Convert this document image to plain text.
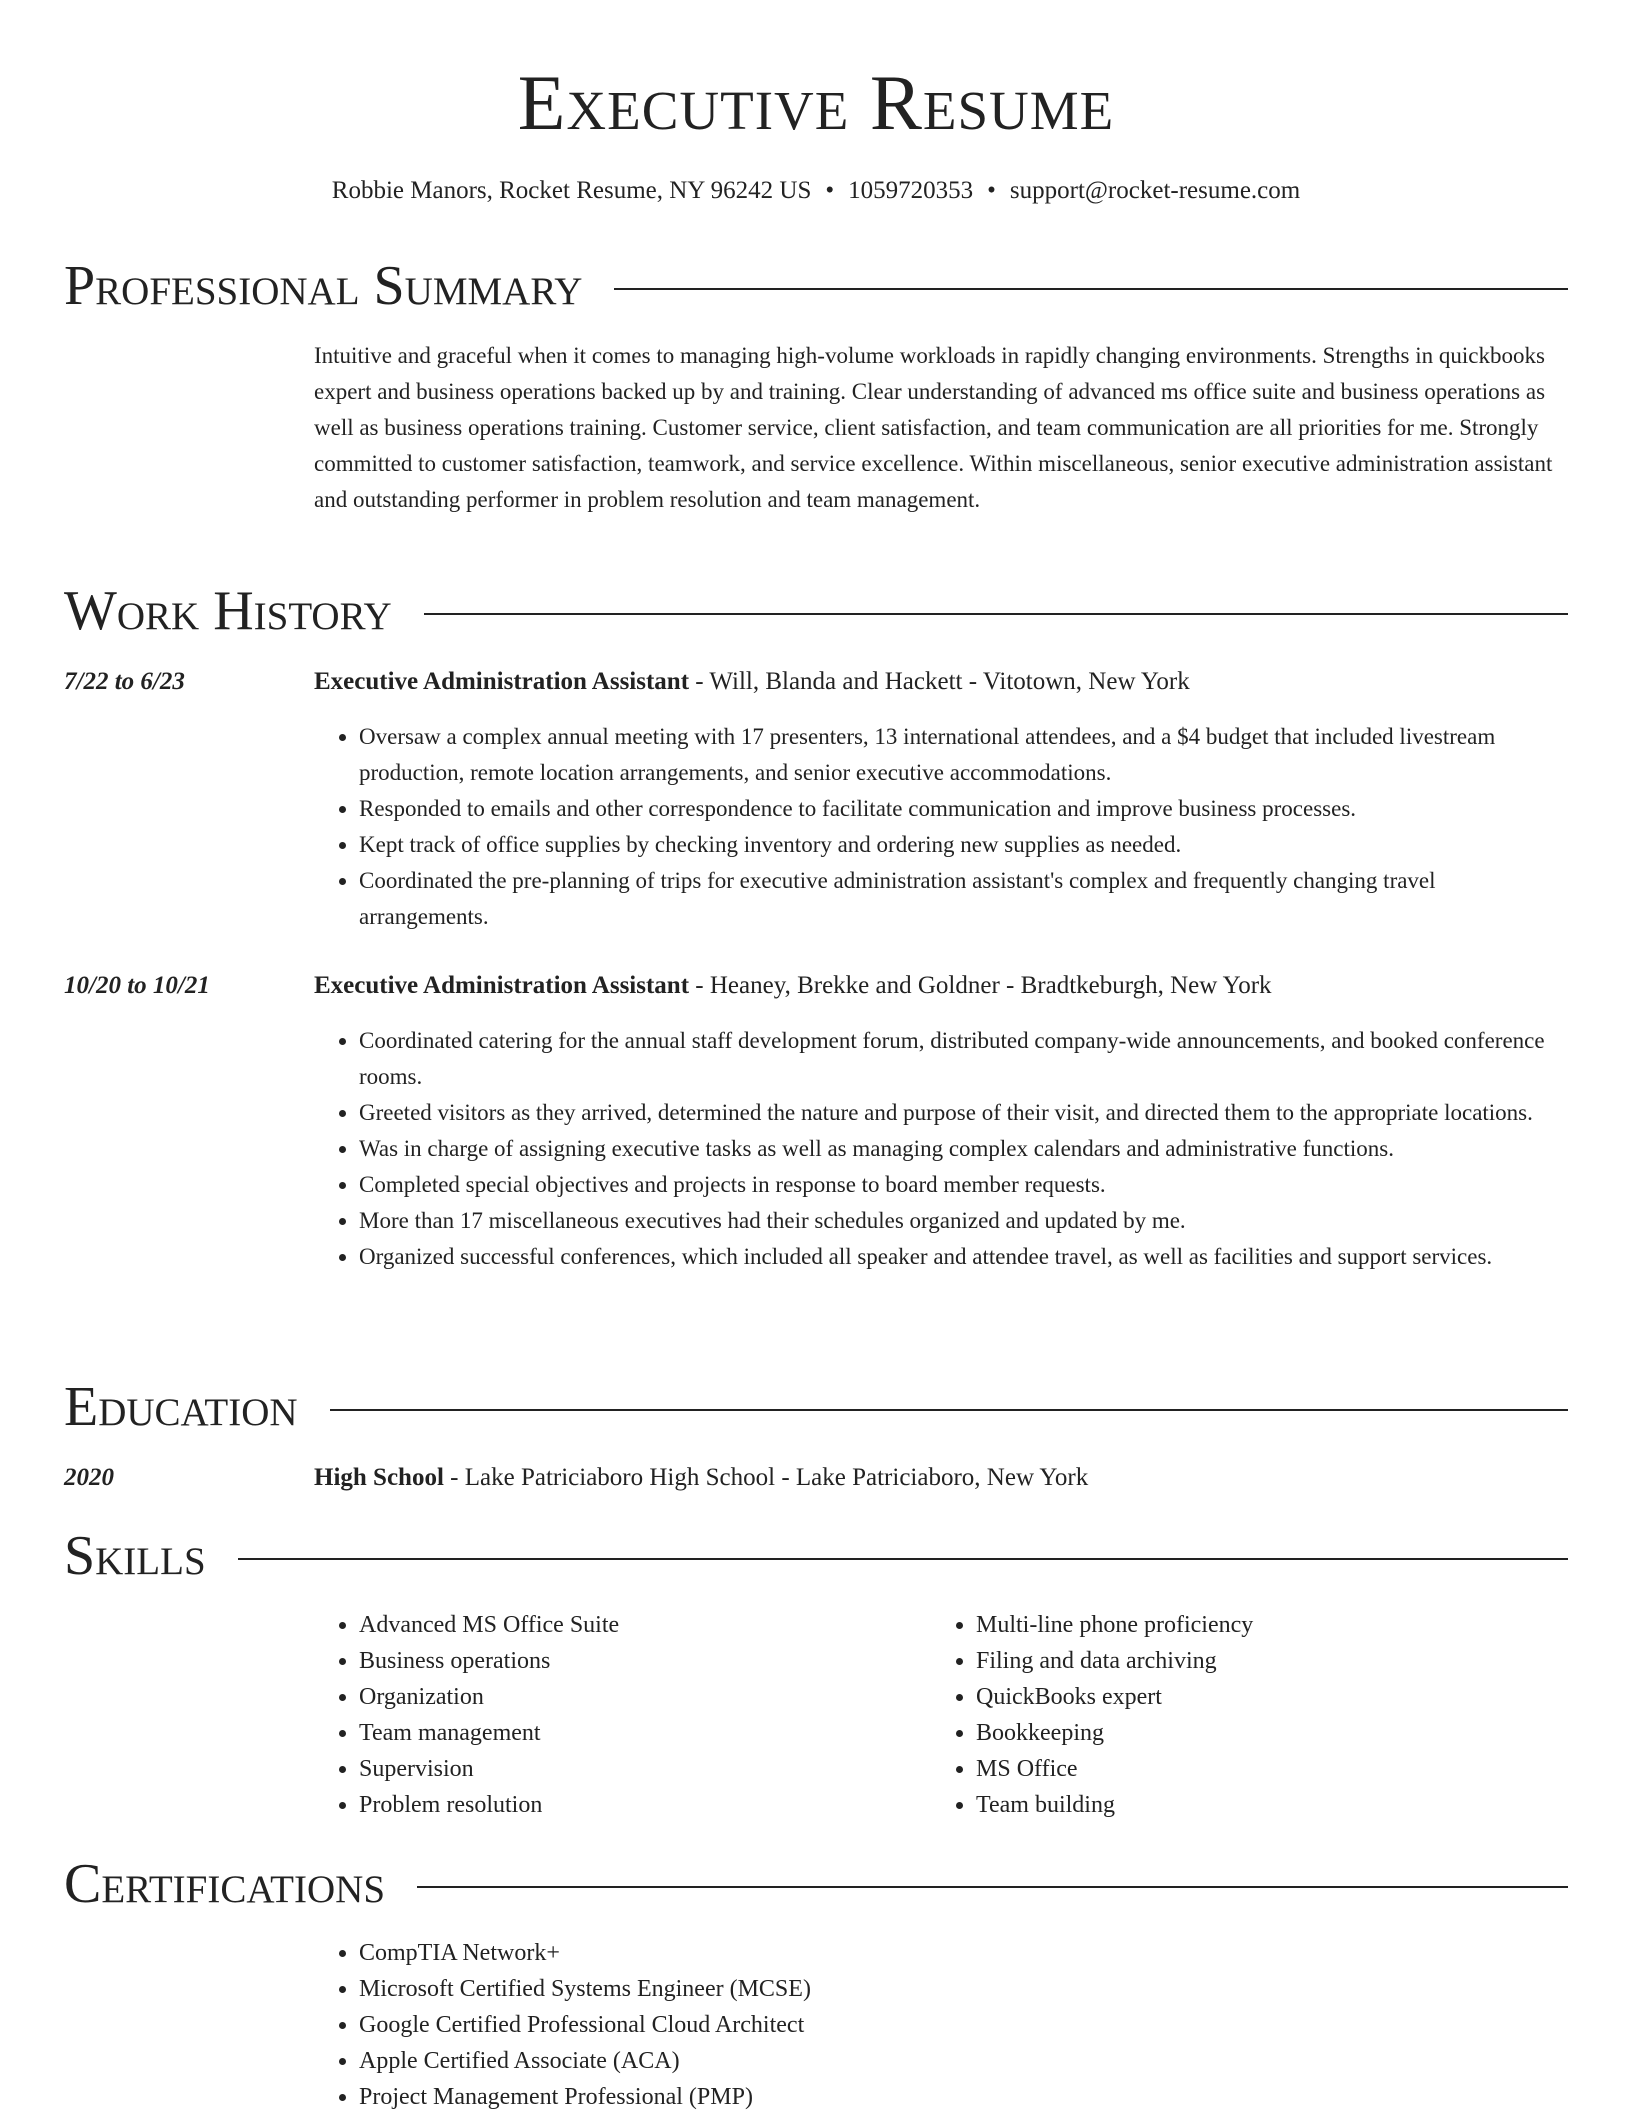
Executive Resume
Robbie Manors, Rocket Resume, NY 96242 US • 1059720353 • support@rocket-resume.com
Professional Summary
Intuitive and graceful when it comes to managing high-volume workloads in rapidly changing environments. Strengths in quickbooks expert and business operations backed up by and training. Clear understanding of advanced ms office suite and business operations as well as business operations training. Customer service, client satisfaction, and team communication are all priorities for me. Strongly committed to customer satisfaction, teamwork, and service excellence. Within miscellaneous, senior executive administration assistant and outstanding performer in problem resolution and team management.
Work History
7/22 to 6/23	Executive Administration Assistant - Will, Blanda and Hackett - Vitotown, New York
• Oversaw a complex annual meeting with 17 presenters, 13 international attendees, and a $4 budget that included livestream production, remote location arrangements, and senior executive accommodations.
• Responded to emails and other correspondence to facilitate communication and improve business processes.
• Kept track of office supplies by checking inventory and ordering new supplies as needed.
• Coordinated the pre-planning of trips for executive administration assistant's complex and frequently changing travel arrangements.
10/20 to 10/21	Executive Administration Assistant - Heaney, Brekke and Goldner - Bradtkeburgh, New York
• Coordinated catering for the annual staff development forum, distributed company-wide announcements, and booked conference rooms.
• Greeted visitors as they arrived, determined the nature and purpose of their visit, and directed them to the appropriate locations.
• Was in charge of assigning executive tasks as well as managing complex calendars and administrative functions.
• Completed special objectives and projects in response to board member requests.
• More than 17 miscellaneous executives had their schedules organized and updated by me.
• Organized successful conferences, which included all speaker and attendee travel, as well as facilities and support services.
Education
2020	High School - Lake Patriciaboro High School - Lake Patriciaboro, New York
Skills
• Advanced MS Office Suite
• Business operations
• Organization
• Team management
• Supervision
• Problem resolution
• Multi-line phone proficiency
• Filing and data archiving
• QuickBooks expert
• Bookkeeping
• MS Office
• Team building
Certifications
• CompTIA Network+
• Microsoft Certified Systems Engineer (MCSE)
• Google Certified Professional Cloud Architect
• Apple Certified Associate (ACA)
• Project Management Professional (PMP)
